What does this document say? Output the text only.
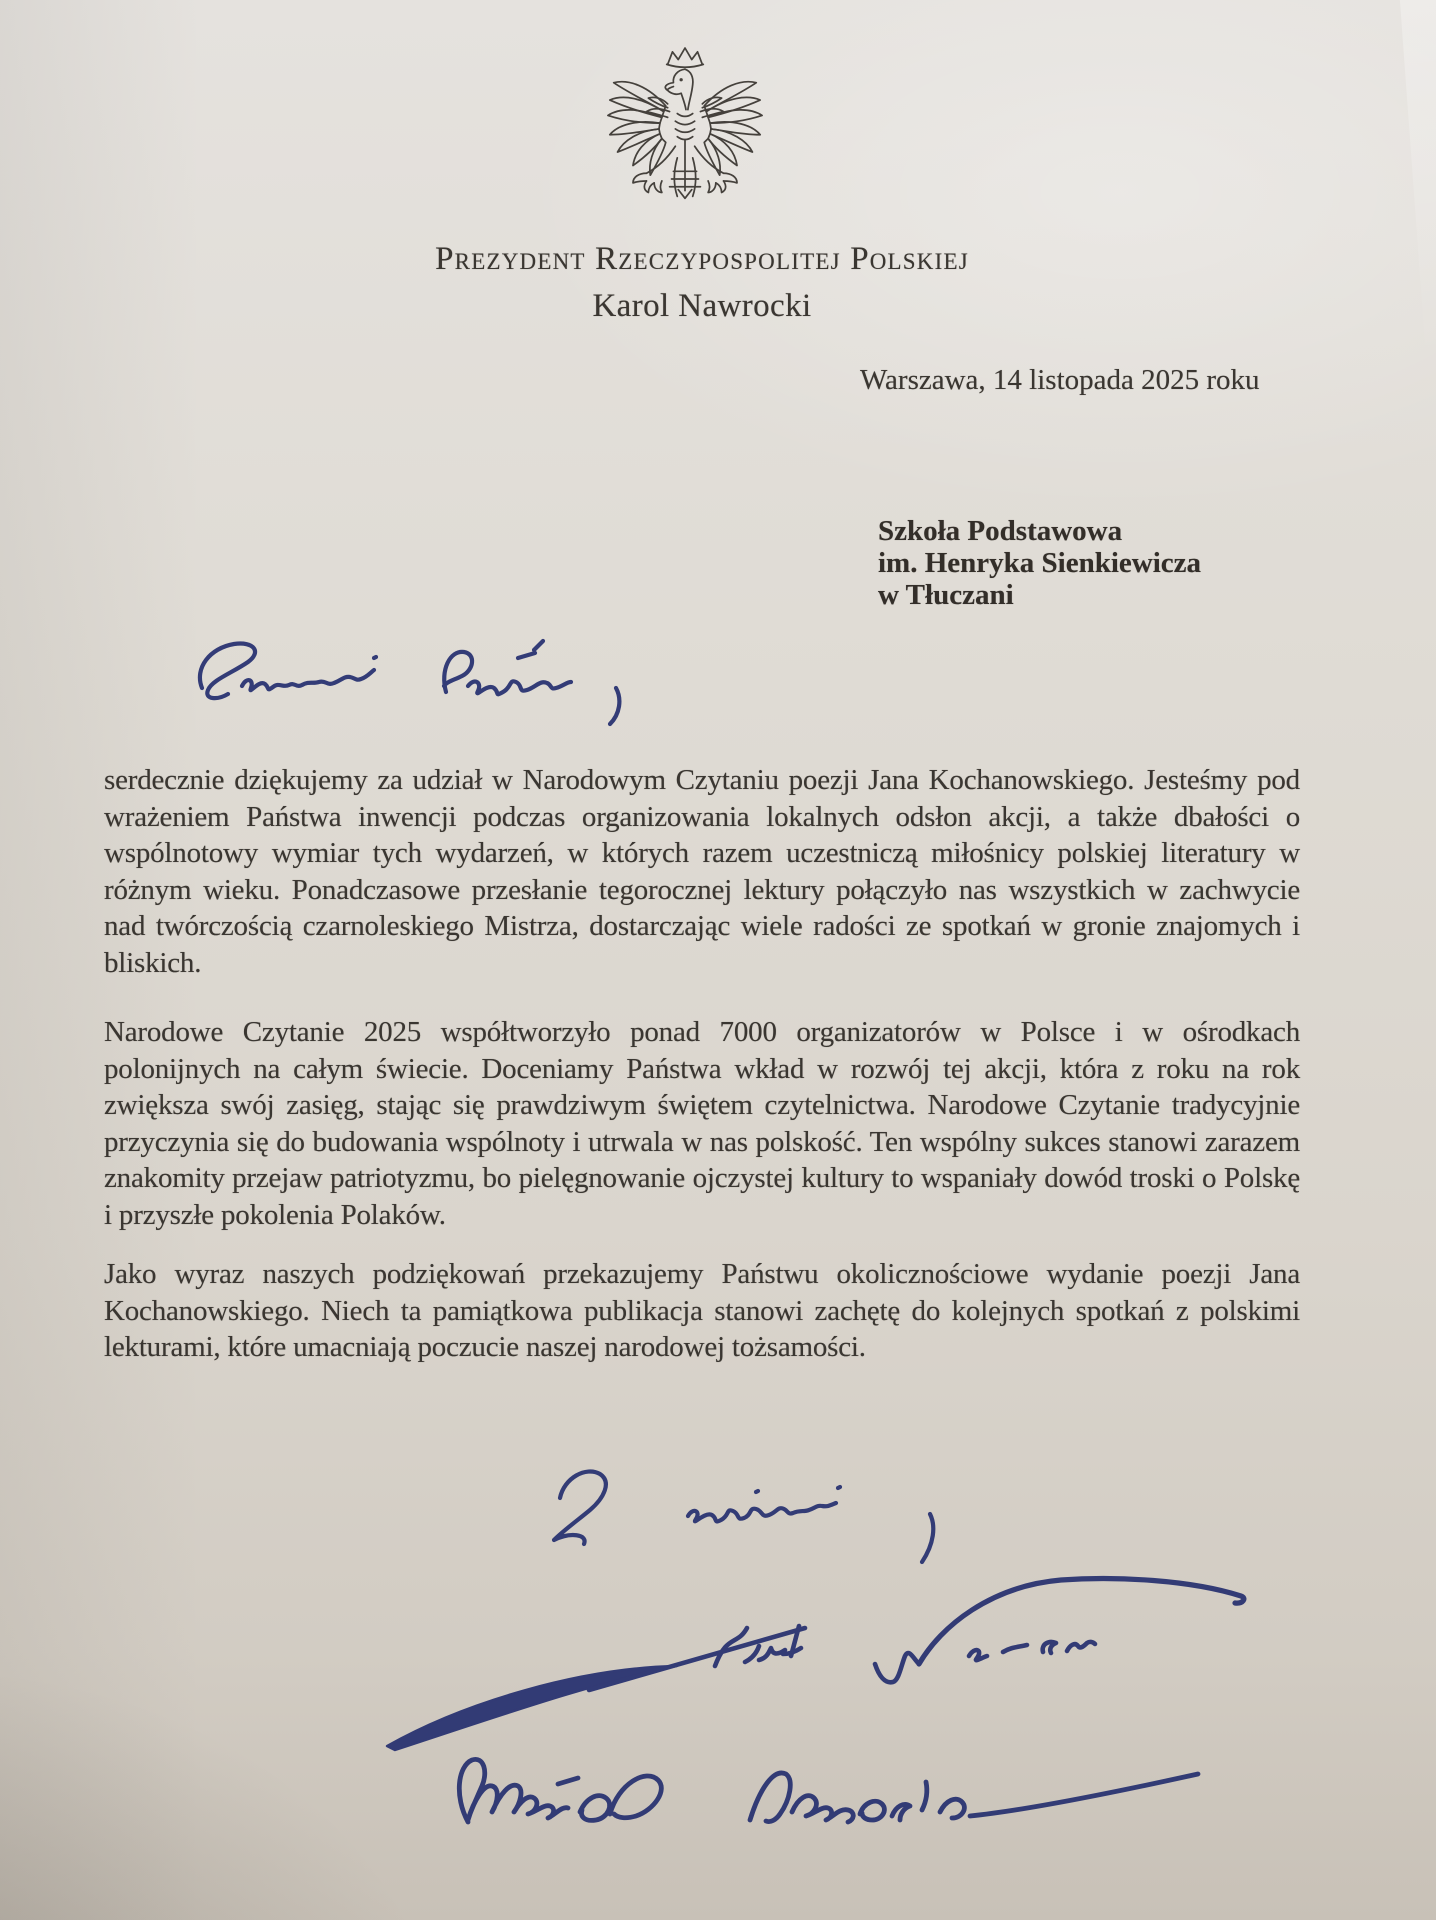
Prezydent Rzeczypospolitej Polskiej
Karol Nawrocki
Warszawa, 14 listopada 2025 roku
Szkoła Podstawowa
im. Henryka Sienkiewicza
w Tłuczani
serdecznie dziękujemy za udział w Narodowym Czytaniu poezji Jana Kochanowskiego. Jesteśmy pod wrażeniem Państwa inwencji podczas organizowania lokalnych odsłon akcji, a także dbałości o wspólnotowy wymiar tych wydarzeń, w których razem uczestniczą miłośnicy polskiej literatury w różnym wieku. Ponadczasowe przesłanie tegorocznej lektury połączyło nas wszystkich w zachwycie nad twórczością czarnoleskiego Mistrza, dostarczając wiele radości ze spotkań w gronie znajomych i bliskich.
Narodowe Czytanie 2025 współtworzyło ponad 7000 organizatorów w Polsce i w ośrodkach polonijnych na całym świecie. Doceniamy Państwa wkład w rozwój tej akcji, która z roku na rok zwiększa swój zasięg, stając się prawdziwym świętem czytelnictwa. Narodowe Czytanie tradycyjnie przyczynia się do budowania wspólnoty i utrwala w nas polskość. Ten wspólny sukces stanowi zarazem znakomity przejaw patriotyzmu, bo pielęgnowanie ojczystej kultury to wspaniały dowód troski o Polskę i przyszłe pokolenia Polaków.
Jako wyraz naszych podziękowań przekazujemy Państwu okolicznościowe wydanie poezji Jana Kochanowskiego. Niech ta pamiątkowa publikacja stanowi zachętę do kolejnych spotkań z polskimi lekturami, które umacniają poczucie naszej narodowej tożsamości.
